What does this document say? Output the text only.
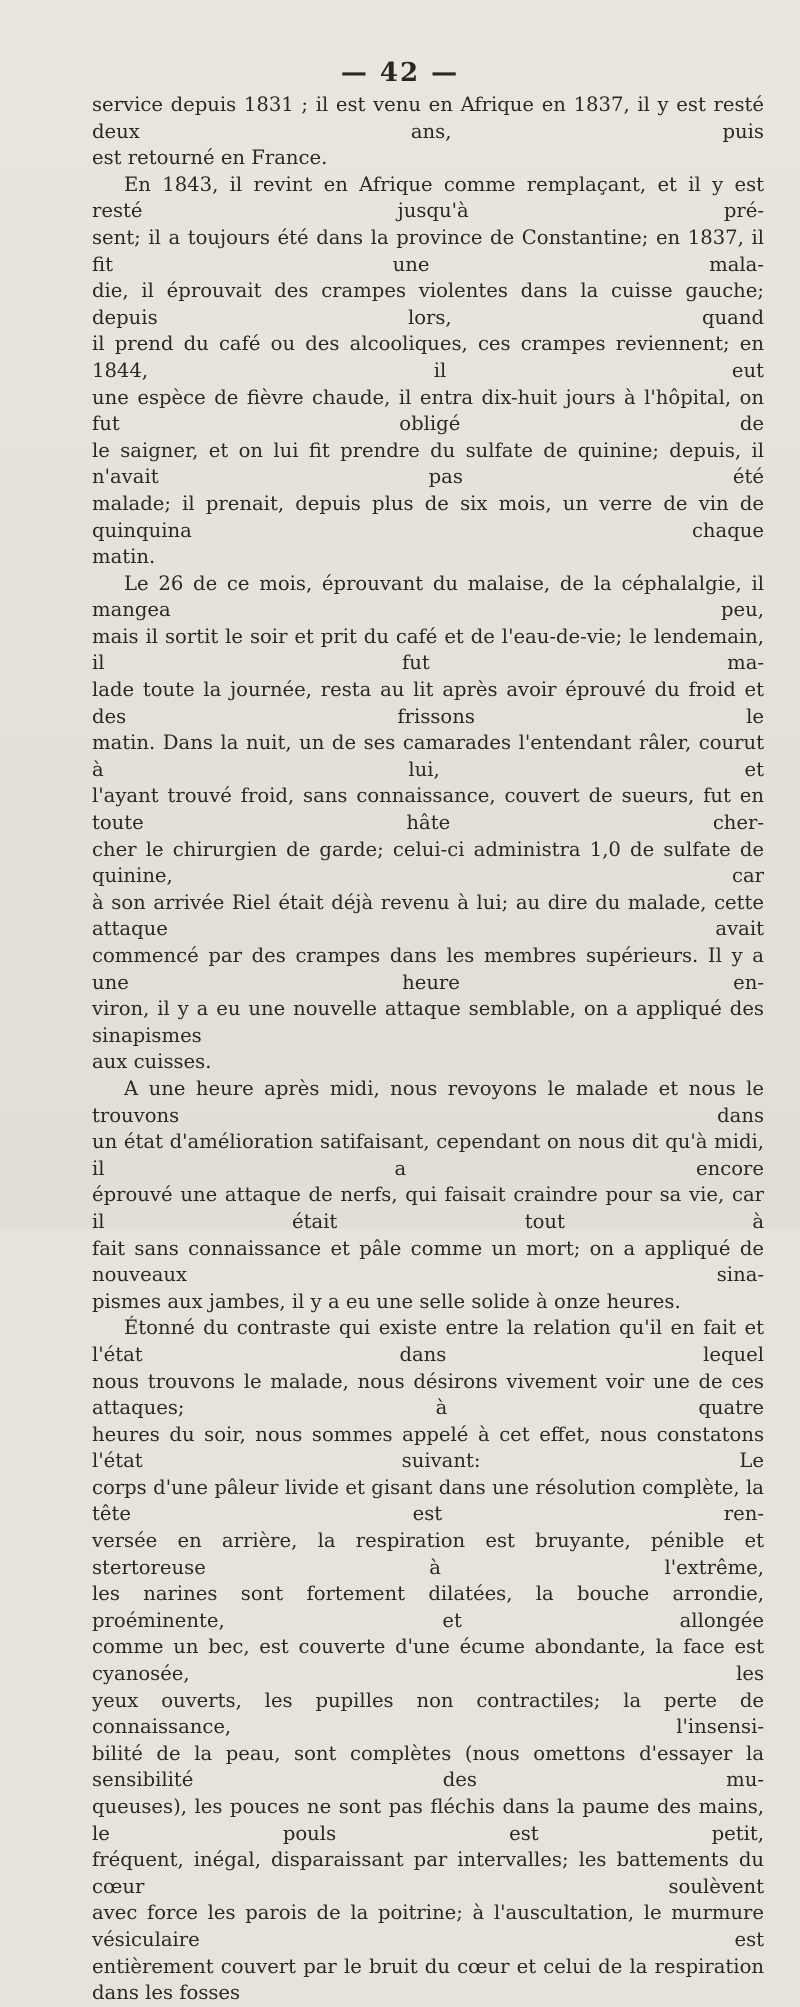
— 42 —

service depuis 1831 ; il est venu en Afrique en 1837, il y est resté deux ans, puis
est retourné en France.

En 1843, il revint en Afrique comme remplaçant, et il y est resté jusqu'à pré-
sent; il a toujours été dans la province de Constantine; en 1837, il fit une mala-
die, il éprouvait des crampes violentes dans la cuisse gauche; depuis lors, quand
il prend du café ou des alcooliques, ces crampes reviennent; en 1844, il eut
une espèce de fièvre chaude, il entra dix-huit jours à l'hôpital, on fut obligé de
le saigner, et on lui fit prendre du sulfate de quinine; depuis, il n'avait pas été
malade; il prenait, depuis plus de six mois, un verre de vin de quinquina chaque
matin.

Le 26 de ce mois, éprouvant du malaise, de la céphalalgie, il mangea peu,
mais il sortit le soir et prit du café et de l'eau-de-vie; le lendemain, il fut ma-
lade toute la journée, resta au lit après avoir éprouvé du froid et des frissons le
matin. Dans la nuit, un de ses camarades l'entendant râler, courut à lui, et
l'ayant trouvé froid, sans connaissance, couvert de sueurs, fut en toute hâte cher-
cher le chirurgien de garde; celui-ci administra 1,0 de sulfate de quinine, car
à son arrivée Riel était déjà revenu à lui; au dire du malade, cette attaque avait
commencé par des crampes dans les membres supérieurs. Il y a une heure en-
viron, il y a eu une nouvelle attaque semblable, on a appliqué des sinapismes
aux cuisses.

A une heure après midi, nous revoyons le malade et nous le trouvons dans
un état d'amélioration satifaisant, cependant on nous dit qu'à midi, il a encore
éprouvé une attaque de nerfs, qui faisait craindre pour sa vie, car il était tout à
fait sans connaissance et pâle comme un mort; on a appliqué de nouveaux sina-
pismes aux jambes, il y a eu une selle solide à onze heures.

Étonné du contraste qui existe entre la relation qu'il en fait et l'état dans lequel
nous trouvons le malade, nous désirons vivement voir une de ces attaques; à quatre
heures du soir, nous sommes appelé à cet effet, nous constatons l'état suivant: Le
corps d'une pâleur livide et gisant dans une résolution complète, la tête est ren-
versée en arrière, la respiration est bruyante, pénible et stertoreuse à l'extrême,
les narines sont fortement dilatées, la bouche arrondie, proéminente, et allongée
comme un bec, est couverte d'une écume abondante, la face est cyanosée, les
yeux ouverts, les pupilles non contractiles; la perte de connaissance, l'insensi-
bilité de la peau, sont complètes (nous omettons d'essayer la sensibilité des mu-
queuses), les pouces ne sont pas fléchis dans la paume des mains, le pouls est petit,
fréquent, inégal, disparaissant par intervalles; les battements du cœur soulèvent
avec force les parois de la poitrine; à l'auscultation, le murmure vésiculaire est
entièrement couvert par le bruit du cœur et celui de la respiration dans les fosses
